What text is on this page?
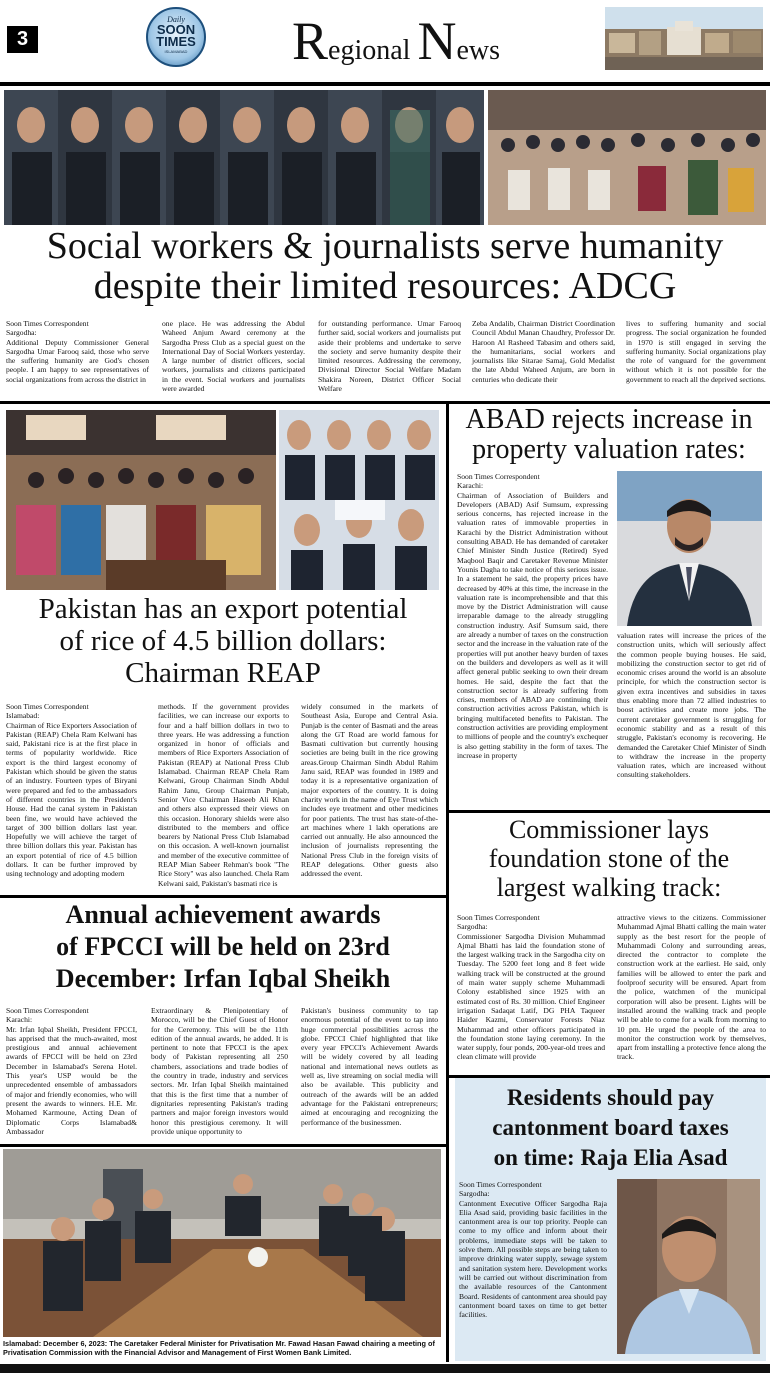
3
Daily
SOON
TIMES
ISLAMABAD	Regional News
Social workers & journalists serve humanity
despite their limited resources: ADCG
Soon Times Correspondent
Sargodha:
Additional Deputy Commissioner General Sargodha Umar Farooq said, those who serve the suffering humanity are God's chosen people. I am happy to see representatives of social organizations from across the district in
one place. He was addressing the Abdul Waheed Anjum Award ceremony at the Sargodha Press Club as a special guest on the International Day of Social Workers yesterday. A large number of district officers, social workers, journalists and citizens participated in the event. Social workers and journalists were awarded
for outstanding performance. Umar Farooq further said, social workers and journalists put aside their problems and undertake to serve the society and serve humanity despite their limited resources. Addressing the ceremony, Divisional Director Social Welfare Madam Shakira Noreen, District Officer Social Welfare
Zeba Andalib, Chairman District Coordination Council Abdul Manan Chaudhry, Professor Dr. Haroon Al Rasheed Tabasim and others said, the humanitarians, social workers and journalists like Sitarae Samaj, Gold Medalist the late Abdul Waheed Anjum, are born in centuries who dedicate their
lives to suffering humanity and social progress. The social organization he founded in 1970 is still engaged in serving the suffering humanity. Social organizations play the role of vanguard for the government without which it is not possible for the government to reach all the deprived sections.
Pakistan has an export potential
of rice of 4.5 billion dollars:
Chairman REAP
Soon Times Correspondent
Islamabad:
Chairman of Rice Exporters Association of Pakistan (REAP) Chela Ram Kelwani has said, Pakistani rice is at the first place in terms of popularity worldwide. Rice export is the third largest economy of Pakistan which should be given the status of an industry. Fourteen types of Biryani were prepared and fed to the ambassadors of different countries in the President's House. Had the canal system in Pakistan been fine, we would have achieved the target of 300 billion dollars last year. Hopefully we will achieve the target of three billion dollars this year. Pakistan has an export potential of rice of 4.5 billion dollars. It can be further improved by using technology and adopting modern
methods. If the government provides facilities, we can increase our exports to four and a half billion dollars in two to three years. He was addressing a function organized in honor of officials and members of Rice Exporters Association of Pakistan (REAP) at National Press Club Islamabad. Chairman REAP Chela Ram Kelwani, Group Chairman Sindh Abdul Rahim Janu, Group Chairman Punjab, Senior Vice Chairman Haseeb Ali Khan and others also expressed their views on this occasion. Honorary shields were also distributed to the members and office bearers by National Press Club Islamabad on this occasion. A well-known journalist and member of the executive committee of REAP Mian Sabeer Rehman's book "The Rice Story" was also launched. Chela Ram Kelwani said, Pakistan's basmati rice is
widely consumed in the markets of Southeast Asia, Europe and Central Asia. Punjab is the center of Basmati and the areas along the GT Road are world famous for Basmati cultivation but currently housing societies are being built in the rice growing areas.Group Chairman Sindh Abdul Rahim Janu said, REAP was founded in 1989 and today it is a representative organization of major exporters of the country. It is doing charity work in the name of Eye Trust which includes eye treatment and other medicines for poor patients. The trust has state-of-the-art machines where 1 lakh operations are carried out annually. He also announced the inclusion of journalists representing the National Press Club in the foreign visits of REAP delegations. Other guests also addressed the event.
Annual achievement awards
of FPCCI will be held on 23rd
December: Irfan Iqbal Sheikh
Soon Times Correspondent
Karachi:
Mr. Irfan Iqbal Sheikh, President FPCCI, has apprised that the much-awaited, most prestigious and annual achievement awards of FPCCI will be held on 23rd December in Islamabad's Serena Hotel. This year's USP would be the unprecedented ensemble of ambassadors of major and friendly economies, who will present the awards to winners. H.E. Mr. Mohamed Karmoune, Acting Dean of Diplomatic Corps Islamabad& Ambassador
Extraordinary & Plenipotentiary of Morocco, will be the Chief Guest of Honor for the Ceremony. This will be the 11th edition of the annual awards, he added. It is pertinent to note that FPCCI is the apex body of Pakistan representing all 250 chambers, associations and trade bodies of the country in trade, industry and services sectors. Mr. Irfan Iqbal Sheikh maintained that this is the first time that a number of dignitaries representing Pakistan's trading partners and major foreign investors would honor this prestigious ceremony. It will provide unique opportunity to
Pakistan's business community to tap enormous potential of the event to tap into huge commercial possibilities across the globe. FPCCI Chief highlighted that like every year FPCCI's Achievement Awards will be widely covered by all leading national and international news outlets as well as, live streaming on social media will also be available. This publicity and outreach of the awards will be an added advantage for the Pakistani entrepreneurs; aimed at encouraging and recognizing the performance of the businessmen.
Islamabad: December 6, 2023: The Caretaker Federal Minister for Privatisation Mr. Fawad Hasan Fawad chairing a meeting of Privatisation Commission with the Financial Advisor and Management of First Women Bank Limited.
ABAD rejects increase in
property valuation rates:
Soon Times Correspondent
Karachi:
Chairman of Association of Builders and Developers (ABAD) Asif Sumsum, expressing serious concerns, has rejected increase in the valuation rates of immovable properties in Karachi by the District Administration without consulting ABAD. He has demanded of caretaker Chief Minister Sindh Justice (Retired) Syed Maqbool Baqir and Caretaker Revenue Minister Younis Dagha to take notice of this serious issue. In a statement he said, the property prices have decreased by 40% at this time, the increase in the valuation rate is incomprehensible and that this move by the District Administration will cause irreparable damage to the already struggling construction industry. Asif Sumsum said, there are already a number of taxes on the construction sector and the increase in the valuation rate of the properties will put another heavy burden of taxes on the builders and developers as well as it will affect general public seeking to own their dream homes. He said, despite the fact that the construction sector is already suffering from crises, members of ABAD are continuing their construction activities across Pakistan, which is bringing multifaceted benefits to Pakistan. The construction activities are providing employment to millions of people and the country's exchequer is also getting stability in the form of taxes. The increase in property
valuation rates will increase the prices of the construction units, which will seriously affect the common people buying houses. He said, mobilizing the construction sector to get rid of economic crises around the world is an absolute principle, for which the construction sector is given extra incentives and subsidies in taxes thus enabling more than 72 allied industries to boost activities and create more jobs. The current caretaker government is struggling for economic stability and as a result of this struggle, Pakistan's economy is recovering. He demanded the Caretaker Chief Minister of Sindh to withdraw the increase in the property valuation rates, which are increased without consulting stakeholders.
Commissioner lays
foundation stone of the
largest walking track:
Soon Times Correspondent
Sargodha:
Commissioner Sargodha Division Muhammad Ajmal Bhatti has laid the foundation stone of the largest walking track in the Sargodha city on Tuesday. The 5200 feet long and 8 feet wide walking track will be constructed at the ground of main water supply scheme Muhammadi Colony established since 1925 with an estimated cost of Rs. 30 million. Chief Engineer irrigation Sadaqat Latif, DG PHA Taqueer Haider Kazmi, Conservator Forests Niaz Muhammad and other officers participated in the foundation stone laying ceremony. In the water supply, four ponds, 200-year-old trees and clean climate will provide
attractive views to the citizens. Commissioner Muhammad Ajmal Bhatti calling the main water supply as the best resort for the people of Muhammadi Colony and surrounding areas, directed the contractor to complete the construction work at the earliest. He said, only families will be allowed to enter the park and foolproof security will be ensured. Apart from the police, watchmen of the municipal corporation will also be present. Lights will be installed around the walking track and people will be able to come for a walk from morning to 10 pm. He urged the people of the area to monitor the construction work by themselves, apart from installing a protective fence along the track.
Residents should pay
cantonment board taxes
on time: Raja Elia Asad
Soon Times Correspondent
Sargodha:
Cantonment Executive Officer Sargodha Raja Elia Asad said, providing basic facilities in the cantonment area is our top priority. People can come to my office and inform about their problems, immediate steps will be taken to solve them. All possible steps are being taken to improve drinking water supply, sewage system and sanitation system here. Development works will be carried out without discrimination from the available resources of the Cantonment Board. Residents of cantonment area should pay cantonment board taxes on time to get better facilities.
